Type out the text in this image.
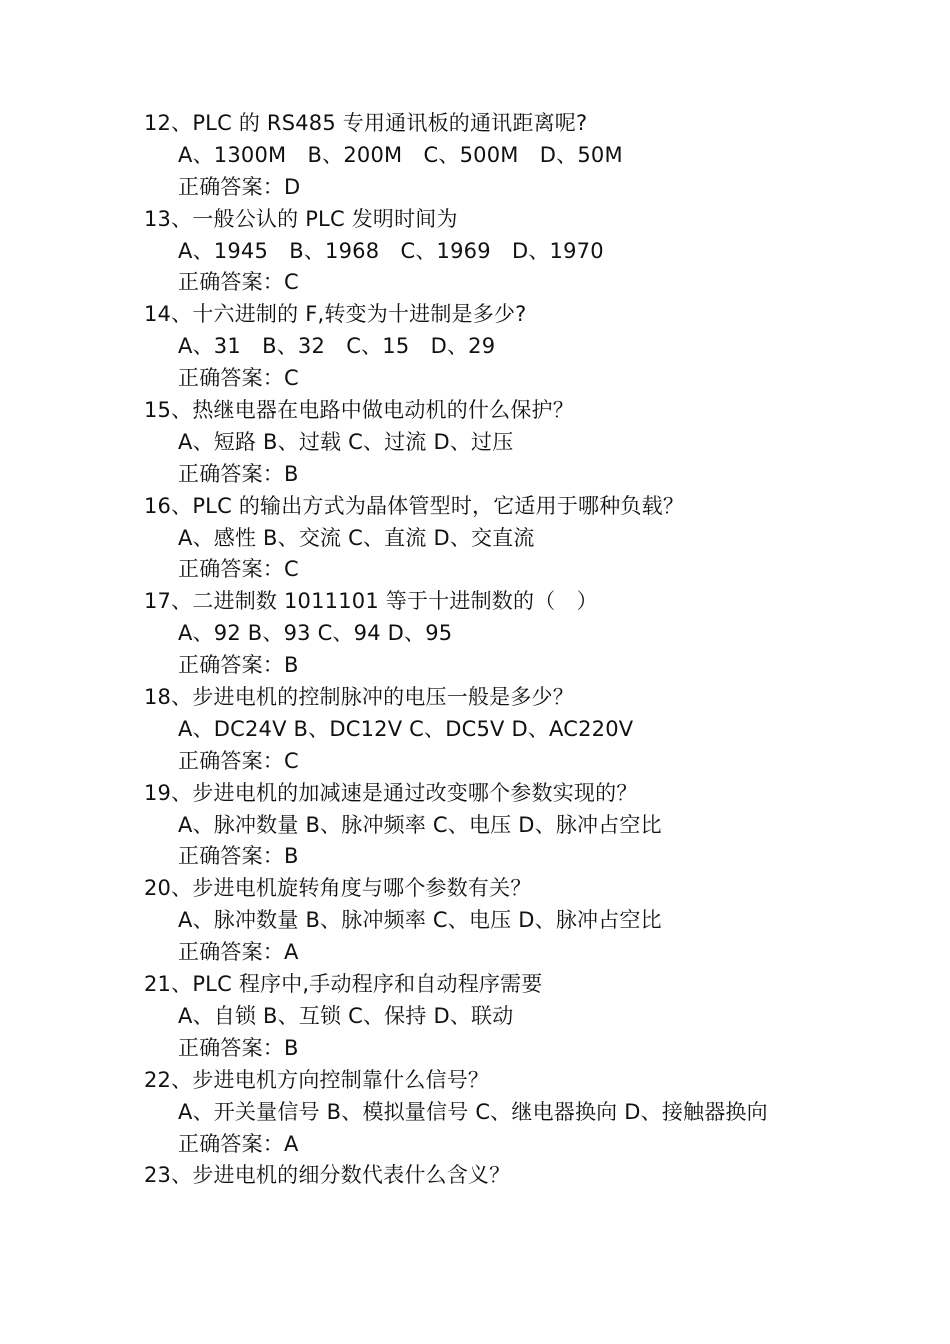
12、PLC 的 RS485 专用通讯板的通讯距离呢?
A、1300M　B、200M　C、500M　D、50M
正确答案：D
13、一般公认的 PLC 发明时间为
A、1945　B、1968　C、1969　D、1970
正确答案：C
14、十六进制的 F,转变为十进制是多少?
A、31　B、32　C、15　D、29
正确答案：C
15、热继电器在电路中做电动机的什么保护？
A、短路 B、过载 C、过流 D、过压
正确答案：B
16、PLC 的输出方式为晶体管型时，它适用于哪种负载？
A、感性 B、交流 C、直流 D、交直流
正确答案：C
17、二进制数 1011101 等于十进制数的（　）
A、92 B、93 C、94 D、95
正确答案：B
18、步进电机的控制脉冲的电压一般是多少？
A、DC24V B、DC12V C、DC5V D、AC220V
正确答案：C
19、步进电机的加减速是通过改变哪个参数实现的？
A、脉冲数量 B、脉冲频率 C、电压 D、脉冲占空比
正确答案：B
20、步进电机旋转角度与哪个参数有关？
A、脉冲数量 B、脉冲频率 C、电压 D、脉冲占空比
正确答案：A
21、PLC 程序中,手动程序和自动程序需要
A、自锁 B、互锁 C、保持 D、联动
正确答案：B
22、步进电机方向控制靠什么信号？
A、开关量信号 B、模拟量信号 C、继电器换向 D、接触器换向
正确答案：A
23、步进电机的细分数代表什么含义？
